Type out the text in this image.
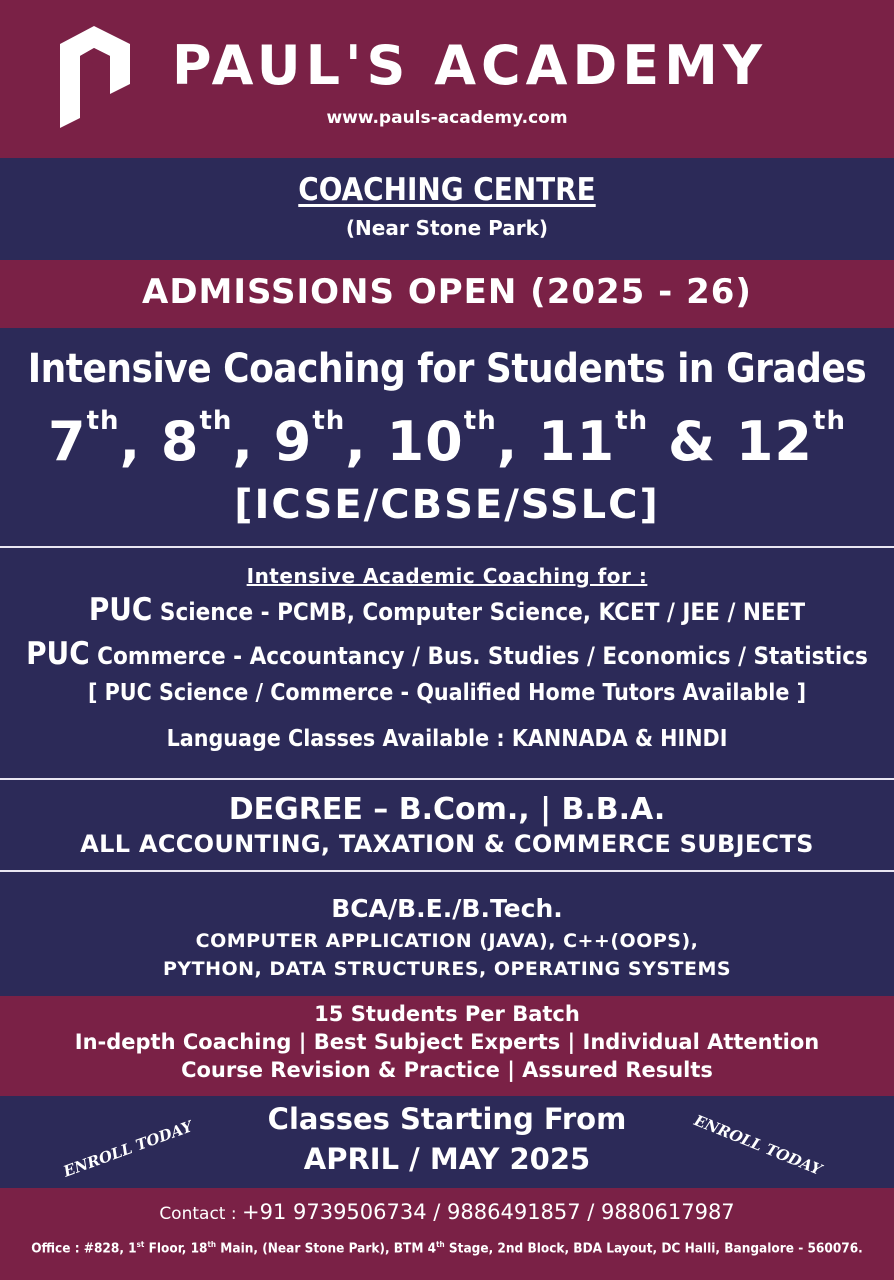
PAUL'S ACADEMY
www.pauls-academy.com
COACHING CENTRE
(Near Stone Park)
ADMISSIONS OPEN (2025 - 26)
Intensive Coaching for Students in Grades
7th, 8th, 9th, 10th, 11th & 12th
[ICSE/CBSE/SSLC]
Intensive Academic Coaching for :
PUC Science - PCMB, Computer Science, KCET / JEE / NEET
PUC Commerce - Accountancy / Bus. Studies / Economics / Statistics
[ PUC Science / Commerce - Qualified Home Tutors Available ]
Language Classes Available : KANNADA & HINDI
DEGREE – B.Com., | B.B.A.
ALL ACCOUNTING, TAXATION & COMMERCE SUBJECTS
BCA/B.E./B.Tech.
COMPUTER APPLICATION (JAVA), C++(OOPS),
PYTHON, DATA STRUCTURES, OPERATING SYSTEMS
15 Students Per Batch
In-depth Coaching | Best Subject Experts | Individual Attention
Course Revision & Practice | Assured Results
ENROLL TODAY	Classes Starting From
APRIL / MAY 2025	ENROLL TODAY
Contact : +91 9739506734 / 9886491857 / 9880617987
Office : #828, 1st Floor, 18th Main, (Near Stone Park), BTM 4th Stage, 2nd Block, BDA Layout, DC Halli, Bangalore - 560076.
